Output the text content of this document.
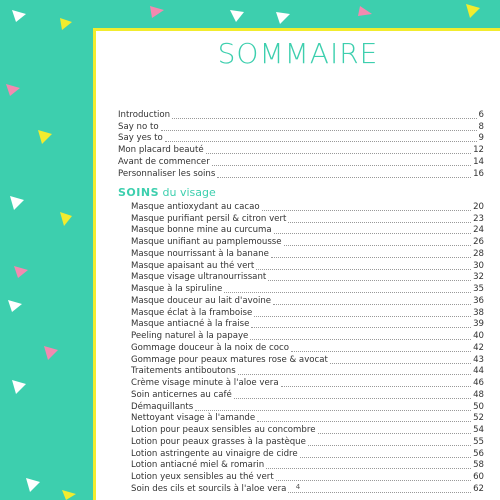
SOMMAIRE
Introduction	6
Say no to	8
Say yes to	9
Mon placard beauté	12
Avant de commencer	14
Personnaliser les soins	16
SOINS du visage
Masque antioxydant au cacao	20
Masque purifiant persil & citron vert	23
Masque bonne mine au curcuma	24
Masque unifiant au pamplemousse	26
Masque nourrissant à la banane	28
Masque apaisant au thé vert	30
Masque visage ultranourrissant	32
Masque à la spiruline	35
Masque douceur au lait d'avoine	36
Masque éclat à la framboise	38
Masque antiacné à la fraise	39
Peeling naturel à la papaye	40
Gommage douceur à la noix de coco	42
Gommage pour peaux matures rose & avocat	43
Traitements antiboutons	44
Crème visage minute à l'aloe vera	46
Soin anticernes au café	48
Démaquillants	50
Nettoyant visage à l'amande	52
Lotion pour peaux sensibles au concombre	54
Lotion pour peaux grasses à la pastèque	55
Lotion astringente au vinaigre de cidre	56
Lotion antiacné miel & romarin	58
Lotion yeux sensibles au thé vert	60
Soin des cils et sourcils à l'aloe vera	62
4
